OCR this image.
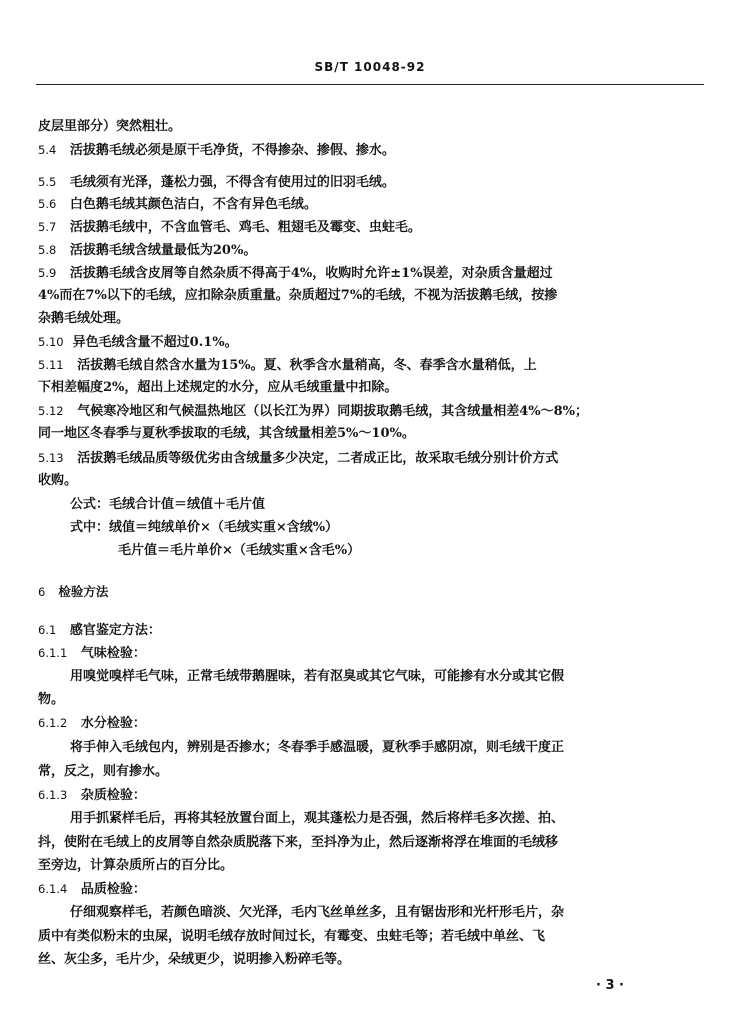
SB/T 10048-92
皮层里部分）突然粗壮。
5.4 活拔鹅毛绒必须是原干毛净货，不得掺杂、掺假、掺水。
5.5 毛绒须有光泽，蓬松力强，不得含有使用过的旧羽毛绒。
5.6 白色鹅毛绒其颜色洁白，不含有异色毛绒。
5.7 活拔鹅毛绒中，不含血管毛、鸡毛、粗翅毛及霉变、虫蛀毛。
5.8 活拔鹅毛绒含绒量最低为20%。
5.9 活拔鹅毛绒含皮屑等自然杂质不得高于4%，收购时允许±1%误差，对杂质含量超过
4%而在7%以下的毛绒，应扣除杂质重量。杂质超过7%的毛绒，不视为活拔鹅毛绒，按掺
杂鹅毛绒处理。
5.10 异色毛绒含量不超过0.1%。
5.11 活拔鹅毛绒自然含水量为15%。夏、秋季含水量稍高，冬、春季含水量稍低，上
下相差幅度2%，超出上述规定的水分，应从毛绒重量中扣除。
5.12 气候寒冷地区和气候温热地区（以长江为界）同期拔取鹅毛绒，其含绒量相差4%～8%；
同一地区冬春季与夏秋季拔取的毛绒，其含绒量相差5%～10%。
5.13 活拔鹅毛绒品质等级优劣由含绒量多少决定，二者成正比，故采取毛绒分别计价方式
收购。
公式：毛绒合计值＝绒值＋毛片值
式中：绒值＝纯绒单价×（毛绒实重×含绒%）
毛片值＝毛片单价×（毛绒实重×含毛%）
6 检验方法
6.1 感官鉴定方法：
6.1.1 气味检验：
用嗅觉嗅样毛气味，正常毛绒带鹅腥味，若有沤臭或其它气味，可能掺有水分或其它假
物。
6.1.2 水分检验：
将手伸入毛绒包内，辨别是否掺水；冬春季手感温暖，夏秋季手感阴凉，则毛绒干度正
常，反之，则有掺水。
6.1.3 杂质检验：
用手抓紧样毛后，再将其轻放置台面上，观其蓬松力是否强，然后将样毛多次搓、拍、
抖，使附在毛绒上的皮屑等自然杂质脱落下来，至抖净为止，然后逐渐将浮在堆面的毛绒移
至旁边，计算杂质所占的百分比。
6.1.4 品质检验：
仔细观察样毛，若颜色暗淡、欠光泽，毛内飞丝单丝多，且有锯齿形和光杆形毛片，杂
质中有类似粉末的虫屎，说明毛绒存放时间过长，有霉变、虫蛀毛等；若毛绒中单丝、飞
丝、灰尘多，毛片少，朵绒更少，说明掺入粉碎毛等。
· 3 ·
